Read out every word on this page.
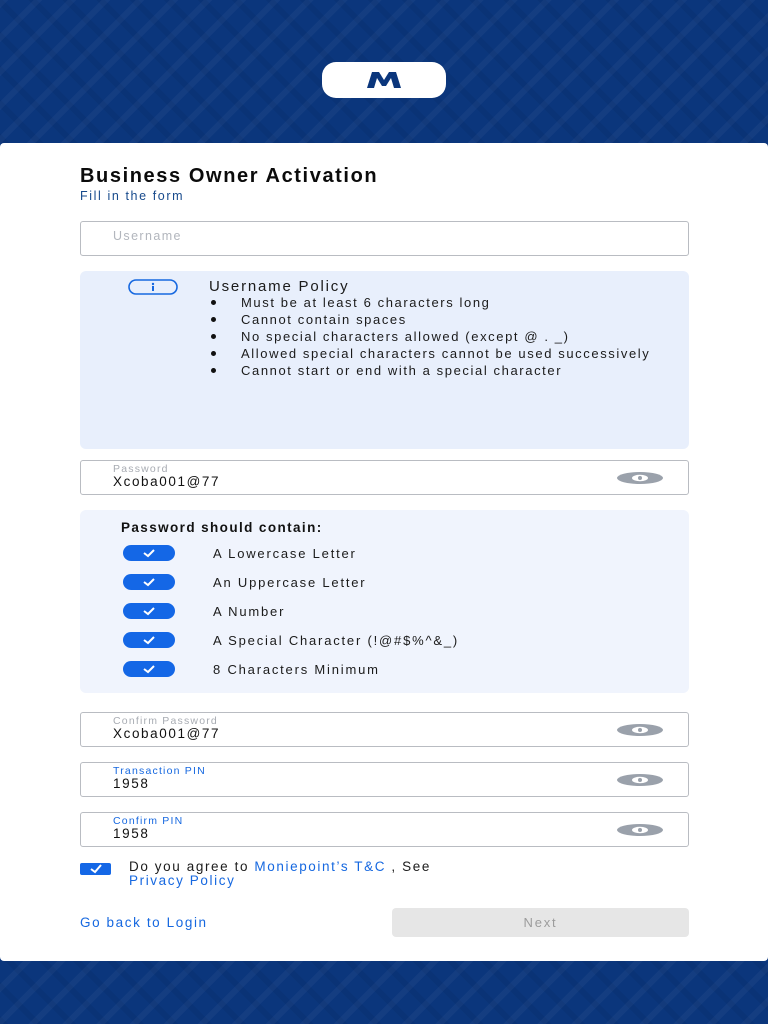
Business Owner Activation
Fill in the form
Username
Username Policy
Must be at least 6 characters long
Cannot contain spaces
No special characters allowed (except @ . _)
Allowed special characters cannot be used successively
Cannot start or end with a special character
Password
Xcoba001@77
Password should contain:
A Lowercase Letter
An Uppercase Letter
A Number
A Special Character (!@#$%^&_)
8 Characters Minimum
Confirm Password
Xcoba001@77
Transaction PIN
1958
Confirm PIN
1958
Do you agree to Moniepoint’s T&C , See
Privacy Policy
Go back to Login	Next
